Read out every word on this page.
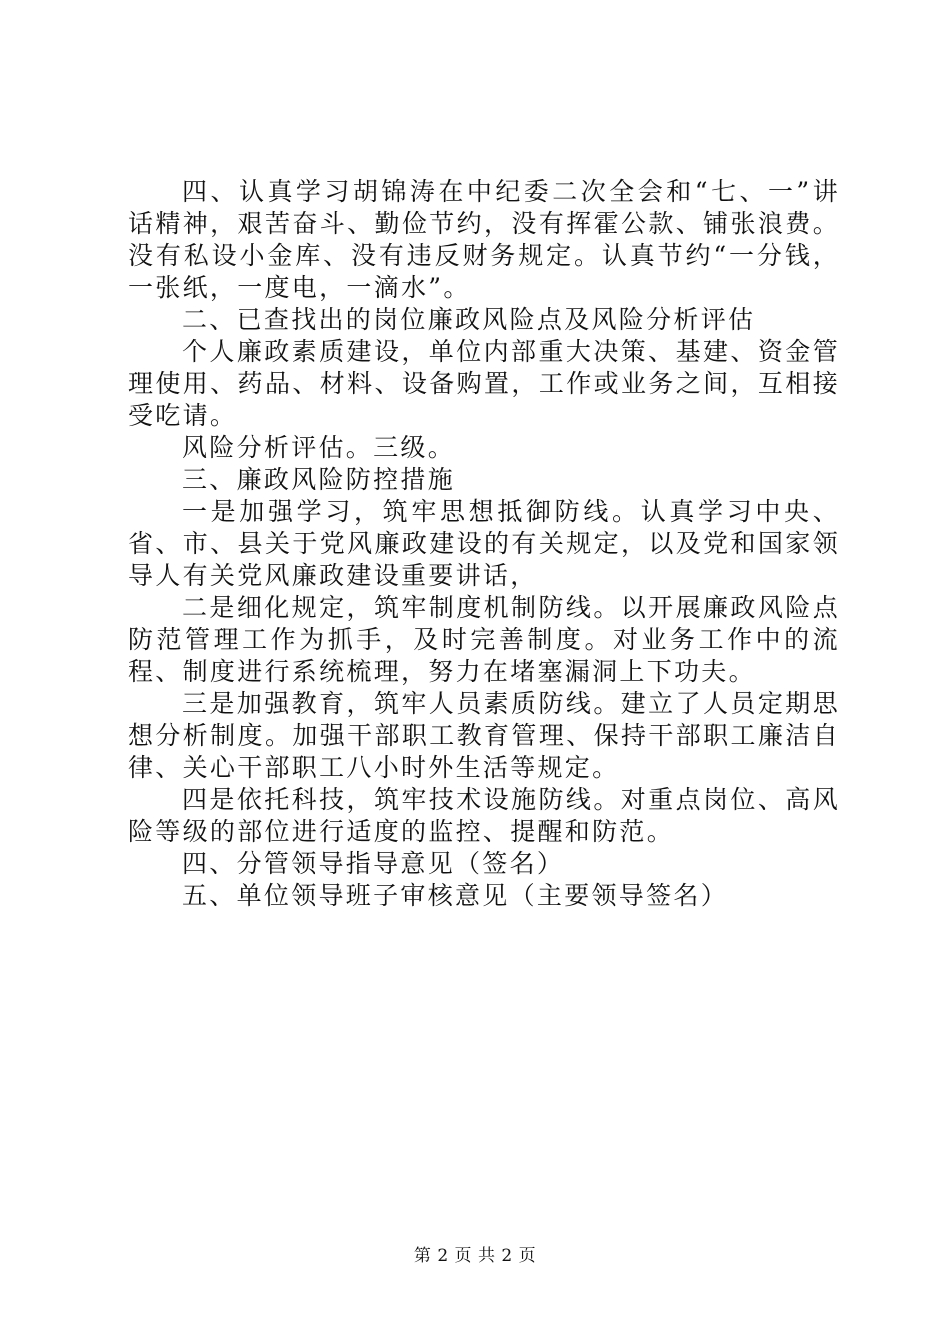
四、认真学习胡锦涛在中纪委二次全会和“七、一”讲话精神，艰苦奋斗、勤俭节约，没有挥霍公款、铺张浪费。没有私设小金库、没有违反财务规定。认真节约“一分钱，一张纸，一度电，一滴水”。

二、已查找出的岗位廉政风险点及风险分析评估

个人廉政素质建设，单位内部重大决策、基建、资金管理使用、药品、材料、设备购置，工作或业务之间，互相接受吃请。

风险分析评估。三级。

三、廉政风险防控措施

一是加强学习，筑牢思想抵御防线。认真学习中央、省、市、县关于党风廉政建设的有关规定，以及党和国家领导人有关党风廉政建设重要讲话，

二是细化规定，筑牢制度机制防线。以开展廉政风险点防范管理工作为抓手，及时完善制度。对业务工作中的流程、制度进行系统梳理，努力在堵塞漏洞上下功夫。

三是加强教育，筑牢人员素质防线。建立了人员定期思想分析制度。加强干部职工教育管理、保持干部职工廉洁自律、关心干部职工八小时外生活等规定。

四是依托科技，筑牢技术设施防线。对重点岗位、高风险等级的部位进行适度的监控、提醒和防范。

四、分管领导指导意见（签名）

五、单位领导班子审核意见（主要领导签名）

第 2 页 共 2 页
